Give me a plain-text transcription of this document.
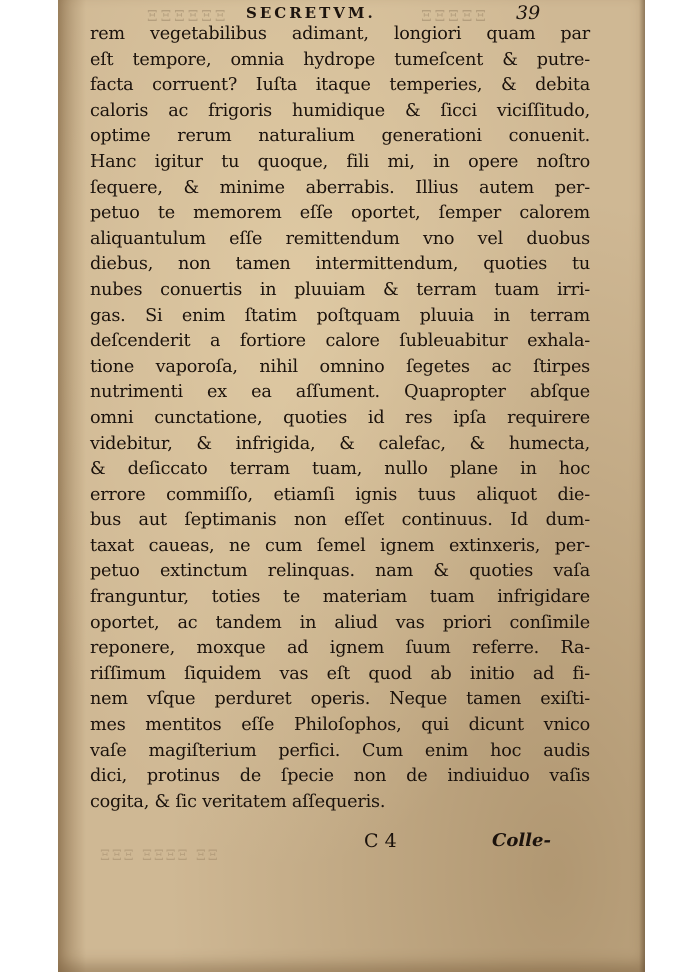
ΞΞΞΞΞΞ	ΞΞΞΞΞ
SECRETVM.	39
rem vegetabilibus adimant, longiori quam par
eſt tempore, omnia hydrope tumeſcent & putre-
facta corruent? Iuſta itaque temperies, & debita
caloris ac frigoris humidique & ſicci viciſſitudo,
optime rerum naturalium generationi conuenit.
Hanc igitur tu quoque, fili mi, in opere noſtro
ſequere, & minime aberrabis. Illius autem per-
petuo te memorem eſſe oportet, ſemper calorem
aliquantulum eſſe remittendum vno vel duobus
diebus, non tamen intermittendum, quoties tu
nubes conuertis in pluuiam & terram tuam irri-
gas. Si enim ſtatim poſtquam pluuia in terram
deſcenderit a fortiore calore ſubleuabitur exhala-
tione vaporoſa, nihil omnino ſegetes ac ſtirpes
nutrimenti ex ea aſſument. Quapropter abſque
omni cunctatione, quoties id res ipſa requirere
videbitur, & infrigida, & calefac, & humecta,
& deſiccato terram tuam, nullo plane in hoc
errore commiſſo, etiamſi ignis tuus aliquot die-
bus aut ſeptimanis non eſſet continuus. Id dum-
taxat caueas, ne cum ſemel ignem extinxeris, per-
petuo extinctum relinquas. nam & quoties vaſa
franguntur, toties te materiam tuam infrigidare
oportet, ac tandem in aliud vas priori conſimile
reponere, moxque ad ignem ſuum referre. Ra-
riſſimum ſiquidem vas eſt quod ab initio ad fi-
nem vſque perduret operis. Neque tamen exiſti-
mes mentitos eſſe Philoſophos, qui dicunt vnico
vaſe magiſterium perfici. Cum enim hoc audis
dici, protinus de ſpecie non de indiuiduo vaſis
cogita, & ſic veritatem aſſequeris.
C 4	Colle-
ΞΞ ΞΞΞΞ ΞΞΞ
